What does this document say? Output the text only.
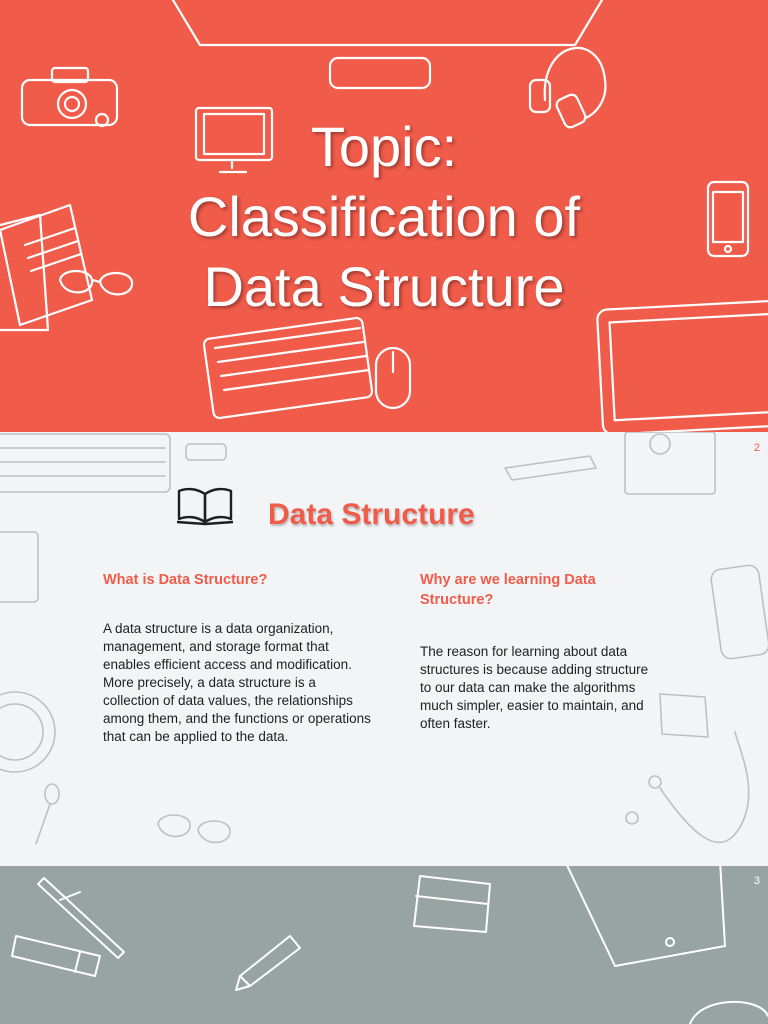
Topic:
Classification of
Data Structure
2
Data Structure
What is Data Structure?
A data structure is a data organization, management, and storage format that enables efficient access and modification. More precisely, a data structure is a collection of data values, the relationships among them, and the functions or operations that can be applied to the data.
Why are we learning Data Structure?
The reason for learning about data structures is because adding structure to our data can make the algorithms much simpler, easier to maintain, and often faster.
3
